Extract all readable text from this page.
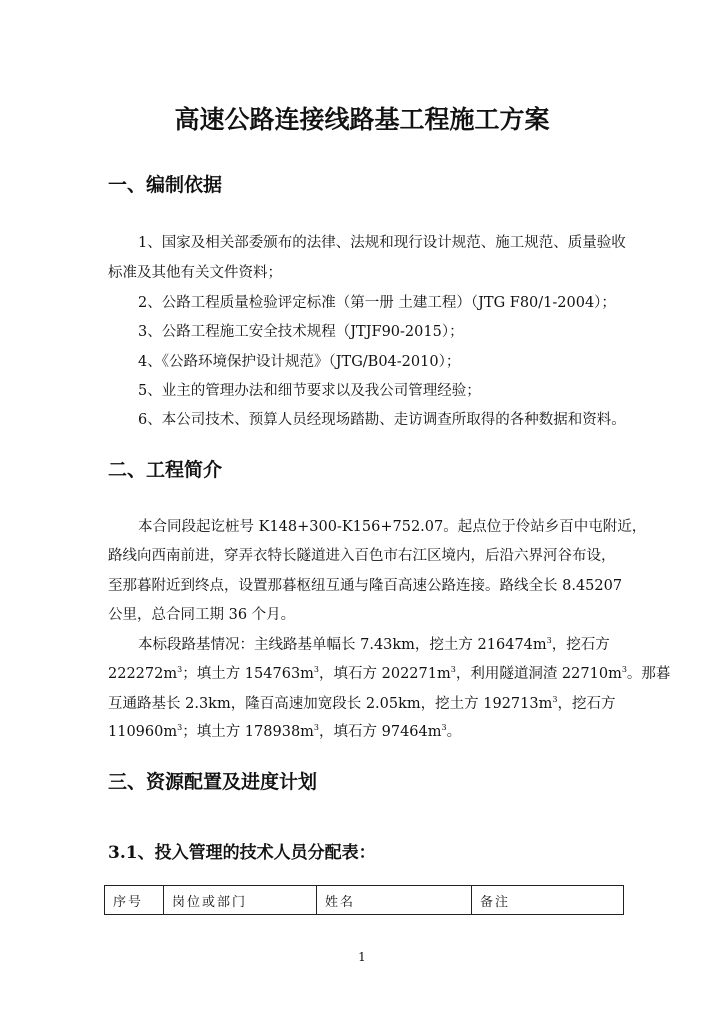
高速公路连接线路基工程施工方案
一、编制依据
1、国家及相关部委颁布的法律、法规和现行设计规范、施工规范、质量验收
标准及其他有关文件资料；
2、公路工程质量检验评定标准（第一册 土建工程）（JTG F80/1-2004）；
3、公路工程施工安全技术规程（JTJF90-2015）；
4、《公路环境保护设计规范》（JTG/B04-2010）；
5、业主的管理办法和细节要求以及我公司管理经验；
6、本公司技术、预算人员经现场踏勘、走访调查所取得的各种数据和资料。
二、工程简介
本合同段起讫桩号 K148+300-K156+752.07。起点位于伶站乡百中屯附近，
路线向西南前进，穿弄衣特长隧道进入百色市右江区境内，后沿六界河谷布设，
至那暮附近到终点，设置那暮枢纽互通与隆百高速公路连接。路线全长 8.45207
公里，总合同工期 36 个月。
本标段路基情况：主线路基单幅长 7.43km，挖土方 $216474m^3$，挖石方
$222272m^3$；填土方 $154763m^3$，填石方 $202271m^3$，利用隧道洞渣 $22710m^3$。那暮
互通路基长 2.3km，隆百高速加宽段长 2.05km，挖土方 $192713m^3$，挖石方
$110960m^3$；填土方 $178938m^3$，填石方 $97464m^3$。
三、资源配置及进度计划
3.1、投入管理的技术人员分配表：
序号	岗位或部门	姓名	备注
1
